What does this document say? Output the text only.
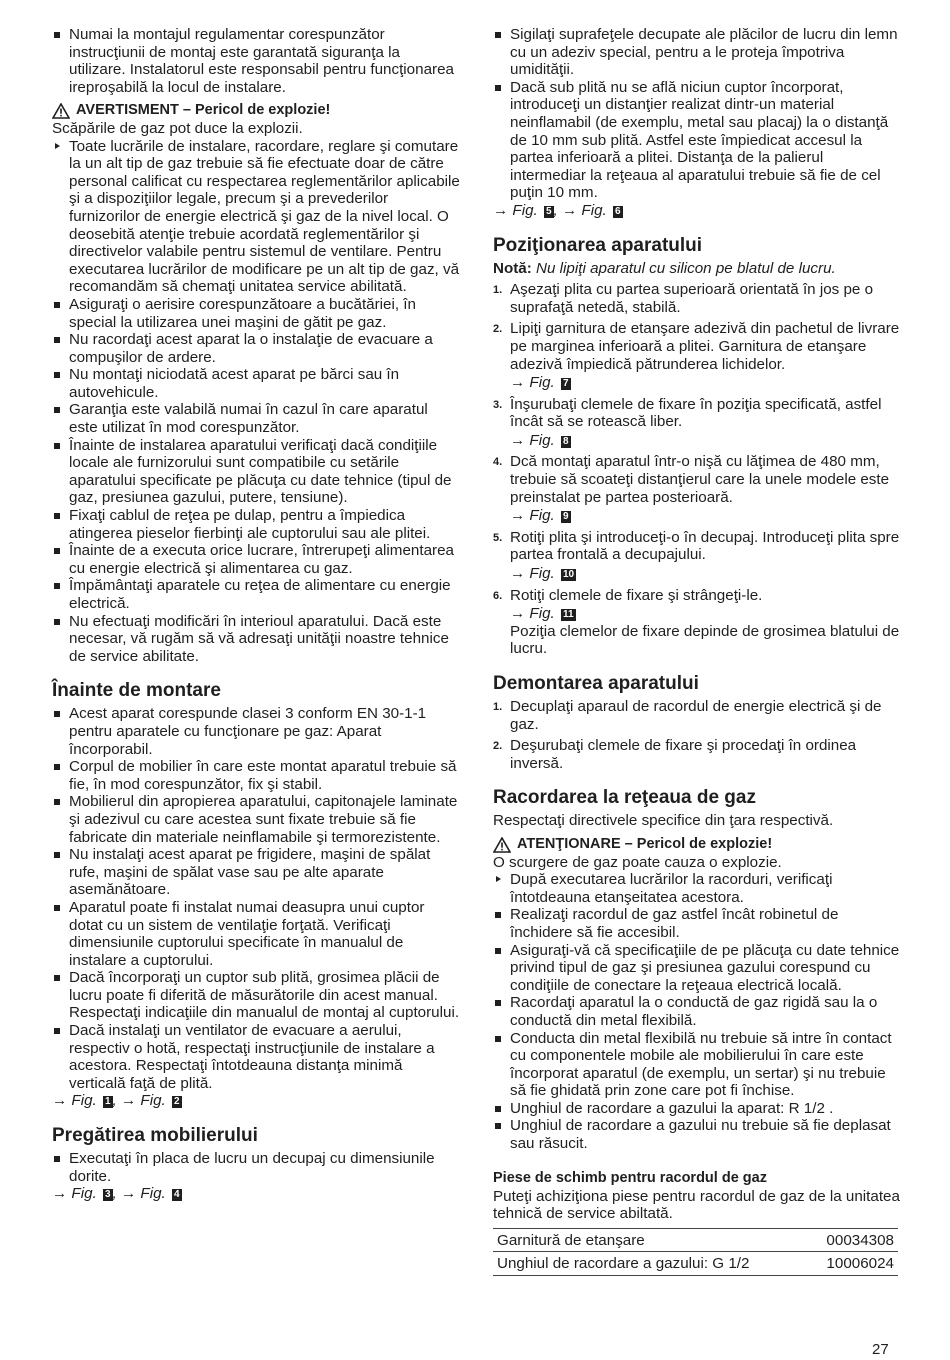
Numai la montajul regulamentar corespunzător instrucţiunii de montaj este garantată siguranţa la utilizare. Instalatorul este responsabil pentru funcţionarea ireproşabilă la locul de instalare.

AVERTISMENT – Pericol de explozie!

Scăpările de gaz pot duce la explozii.

Toate lucrările de instalare, racordare, reglare şi comutare la un alt tip de gaz trebuie să fie efectuate doar de către personal calificat cu respectarea reglementărilor aplicabile şi a dispoziţiilor legale, precum şi a prevederilor furnizorilor de energie electrică şi gaz de la nivel local. O deosebită atenţie trebuie acordată reglementărilor şi directivelor valabile pentru sistemul de ventilare. Pentru executarea lucrărilor de modificare pe un alt tip de gaz, vă recomandăm să chemaţi unitatea service abilitată.

Asiguraţi o aerisire corespunzătoare a bucătăriei, în special la utilizarea unei maşini de gătit pe gaz.

Nu racordaţi acest aparat la o instalaţie de evacuare a compuşilor de ardere.

Nu montaţi niciodată acest aparat pe bărci sau în autovehicule.

Garanţia este valabilă numai în cazul în care aparatul este utilizat în mod corespunzător.

Înainte de instalarea aparatului verificaţi dacă condiţiile locale ale furnizorului sunt compatibile cu setările aparatului specificate pe plăcuţa cu date tehnice (tipul de gaz, presiunea gazului, putere, tensiune).

Fixaţi cablul de reţea pe dulap, pentru a împiedica atingerea pieselor fierbinţi ale cuptorului sau ale plitei.

Înainte de a executa orice lucrare, întrerupeţi alimentarea cu energie electrică şi alimentarea cu gaz.

Împământaţi aparatele cu reţea de alimentare cu energie electrică.

Nu efectuaţi modificări în interioul aparatului. Dacă este necesar, vă rugăm să vă adresaţi unităţii noastre tehnice de service abilitate.

Înainte de montare

Acest aparat corespunde clasei 3 conform EN 30-1-1 pentru aparatele cu funcţionare pe gaz: Aparat încorporabil.

Corpul de mobilier în care este montat aparatul trebuie să fie, în mod corespunzător, fix şi stabil.

Mobilierul din apropierea aparatului, capitonajele laminate şi adezivul cu care acestea sunt fixate trebuie să fie fabricate din materiale neinflamabile şi termorezistente.

Nu instalaţi acest aparat pe frigidere, maşini de spălat rufe, maşini de spălat vase sau pe alte aparate asemănătoare.

Aparatul poate fi instalat numai deasupra unui cuptor dotat cu un sistem de ventilaţie forţată. Verificaţi dimensiunile cuptorului specificate în manualul de instalare a cuptorului.

Dacă încorporaţi un cuptor sub plită, grosimea plăcii de lucru poate fi diferită de măsurătorile din acest manual. Respectaţi indicaţiile din manualul de montaj al cuptorului.

Dacă instalaţi un ventilator de evacuare a aerului, respectiv o hotă, respectaţi instrucţiunile de instalare a acestora. Respectaţi întotdeauna distanţa minimă verticală faţă de plită.

→ Fig. 1 , → Fig. 2

Pregătirea mobilierului

Executaţi în placa de lucru un decupaj cu dimensiunile dorite.

→ Fig. 3 , → Fig. 4

Sigilaţi suprafeţele decupate ale plăcilor de lucru din lemn cu un adeziv special, pentru a le proteja împotriva umidităţii.

Dacă sub plită nu se află niciun cuptor încorporat, introduceţi un distanţier realizat dintr-un material neinflamabil (de exemplu, metal sau placaj) la o distanţă de 10 mm sub plită. Astfel este împiedicat accesul la partea inferioară a plitei. Distanţa de la palierul intermediar la reţeaua al aparatului trebuie să fie de cel puţin 10 mm.

→ Fig. 5 , → Fig. 6

Poziţionarea aparatului

Notă: Nu lipiţi aparatul cu silicon pe blatul de lucru.

1. Aşezaţi plita cu partea superioară orientată în jos pe o suprafaţă netedă, stabilă.
2. Lipiţi garnitura de etanşare adezivă din pachetul de livrare pe marginea inferioară a plitei. Garnitura de etanşare adezivă împiedică pătrunderea lichidelor.
→ Fig. 7
3. Înşurubaţi clemele de fixare în poziţia specificată, astfel încât să se rotească liber.
→ Fig. 8
4. Dcă montaţi aparatul într-o nişă cu lăţimea de 480 mm, trebuie să scoateţi distanţierul care la unele modele este preinstalat pe partea posterioară.
→ Fig. 9
5. Rotiţi plita şi introduceţi-o în decupaj. Introduceţi plita spre partea frontală a decupajului.
→ Fig. 10
6. Rotiţi clemele de fixare şi strângeţi-le.
→ Fig. 11
Poziţia clemelor de fixare depinde de grosimea blatului de lucru.
Demontarea aparatului
1. Decuplaţi aparaul de racordul de energie electrică şi de gaz.
2. Deşurubaţi clemele de fixare şi procedaţi în ordinea inversă.
Racordarea la reţeaua de gaz

Respectaţi directivele specifice din ţara respectivă.

ATENŢIONARE – Pericol de explozie!

O scurgere de gaz poate cauza o explozie.

După executarea lucrărilor la racorduri, verificaţi întotdeauna etanşeitatea acestora.

Realizaţi racordul de gaz astfel încât robinetul de închidere să fie accesibil.

Asiguraţi-vă că specificaţiile de pe plăcuţa cu date tehnice privind tipul de gaz şi presiunea gazului corespund cu condiţiile de conectare la reţeaua electrică locală.

Racordaţi aparatul la o conductă de gaz rigidă sau la o conductă din metal flexibilă.

Conducta din metal flexibilă nu trebuie să intre în contact cu componentele mobile ale mobilierului în care este încorporat aparatul (de exemplu, un sertar) şi nu trebuie să fie ghidată prin zone care pot fi închise.

Unghiul de racordare a gazului la aparat: R 1/2 .

Unghiul de racordare a gazului nu trebuie să fie deplasat sau răsucit.

Piese de schimb pentru racordul de gaz

Puteţi achiziţiona piese pentru racordul de gaz de la unitatea tehnică de service abiltată.

Garnitură de etanşare	00034308
Unghiul de racordare a gazului: G 1/2	10006024
27
